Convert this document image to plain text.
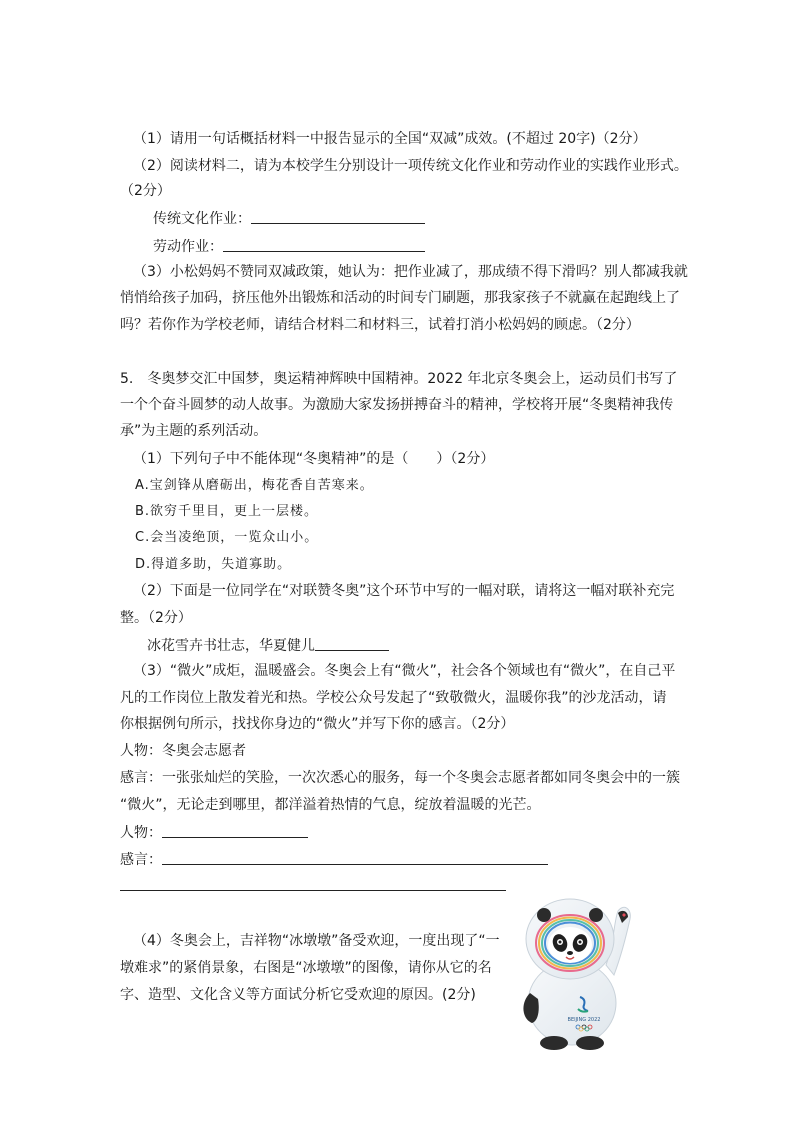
（1）请用一句话概括材料一中报告显示的全国“双减”成效。(不超过 20字)（2分）
（2）阅读材料二，请为本校学生分别设计一项传统文化作业和劳动作业的实践作业形式。
（2分）
传统文化作业：
劳动作业：
（3）小松妈妈不赞同双减政策，她认为：把作业减了，那成绩不得下滑吗？别人都减我就
悄悄给孩子加码，挤压他外出锻炼和活动的时间专门刷题，那我家孩子不就赢在起跑线上了
吗？若你作为学校老师，请结合材料二和材料三，试着打消小松妈妈的顾虑。（2分）
5.　冬奥梦交汇中国梦，奥运精神辉映中国精神。2022 年北京冬奥会上，运动员们书写了
一个个奋斗圆梦的动人故事。为激励大家发扬拼搏奋斗的精神，学校将开展“冬奥精神我传
承”为主题的系列活动。
（1）下列句子中不能体现“冬奥精神”的是（　　）（2分）
A.宝剑锋从磨砺出，梅花香自苦寒来。
B.欲穷千里目，更上一层楼。
C.会当凌绝顶，一览众山小。
D.得道多助，失道寡助。
（2）下面是一位同学在“对联赞冬奥”这个环节中写的一幅对联，请将这一幅对联补充完
整。（2分）
冰花雪卉书壮志，华夏健儿
（3）“微火”成炬，温暖盛会。冬奥会上有“微火”，社会各个领域也有“微火”，在自己平
凡的工作岗位上散发着光和热。学校公众号发起了“致敬微火，温暖你我”的沙龙活动，请
你根据例句所示，找找你身边的“微火”并写下你的感言。（2分）
人物：冬奥会志愿者
感言：一张张灿烂的笑脸，一次次悉心的服务，每一个冬奥会志愿者都如同冬奥会中的一簇
“微火”，无论走到哪里，都洋溢着热情的气息，绽放着温暖的光芒。
人物：
感言：
（4）冬奥会上，吉祥物“冰墩墩”备受欢迎，一度出现了“一
墩难求”的紧俏景象，右图是“冰墩墩”的图像，请你从它的名
字、造型、文化含义等方面试分析它受欢迎的原因。(2分)
BEIJING 2022
